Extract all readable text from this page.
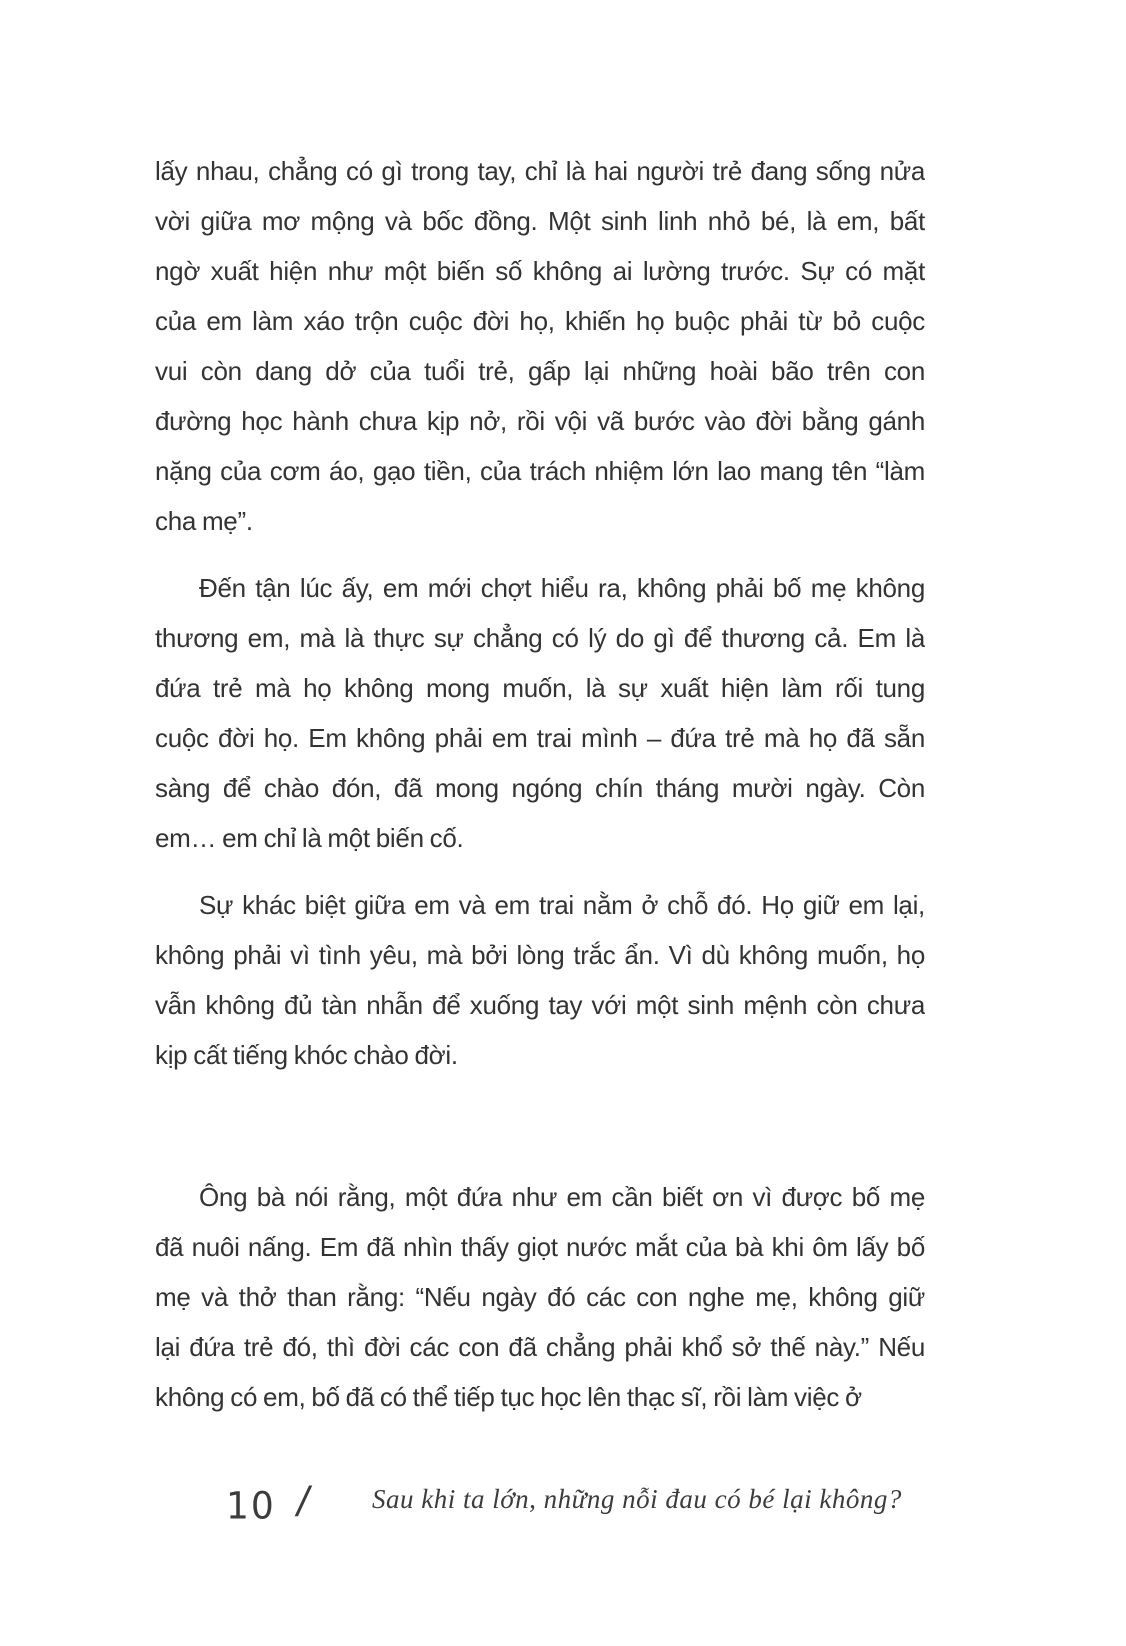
lấy nhau, chẳng có gì trong tay, chỉ là hai người trẻ đang sống nửa
vời giữa mơ mộng và bốc đồng. Một sinh linh nhỏ bé, là em, bất
ngờ xuất hiện như một biến số không ai lường trước. Sự có mặt
của em làm xáo trộn cuộc đời họ, khiến họ buộc phải từ bỏ cuộc
vui còn dang dở của tuổi trẻ, gấp lại những hoài bão trên con
đường học hành chưa kịp nở, rồi vội vã bước vào đời bằng gánh
nặng của cơm áo, gạo tiền, của trách nhiệm lớn lao mang tên “làm
cha mẹ”.
Đến tận lúc ấy, em mới chợt hiểu ra, không phải bố mẹ không
thương em, mà là thực sự chẳng có lý do gì để thương cả. Em là
đứa trẻ mà họ không mong muốn, là sự xuất hiện làm rối tung
cuộc đời họ. Em không phải em trai mình – đứa trẻ mà họ đã sẵn
sàng để chào đón, đã mong ngóng chín tháng mười ngày. Còn
em… em chỉ là một biến cố.
Sự khác biệt giữa em và em trai nằm ở chỗ đó. Họ giữ em lại,
không phải vì tình yêu, mà bởi lòng trắc ẩn. Vì dù không muốn, họ
vẫn không đủ tàn nhẫn để xuống tay với một sinh mệnh còn chưa
kịp cất tiếng khóc chào đời.
Ông bà nói rằng, một đứa như em cần biết ơn vì được bố mẹ
đã nuôi nấng. Em đã nhìn thấy giọt nước mắt của bà khi ôm lấy bố
mẹ và thở than rằng: “Nếu ngày đó các con nghe mẹ, không giữ
lại đứa trẻ đó, thì đời các con đã chẳng phải khổ sở thế này.” Nếu
không có em, bố đã có thể tiếp tục học lên thạc sĩ, rồi làm việc ở
10 / Sau khi ta lớn, những nỗi đau có bé lại không?
